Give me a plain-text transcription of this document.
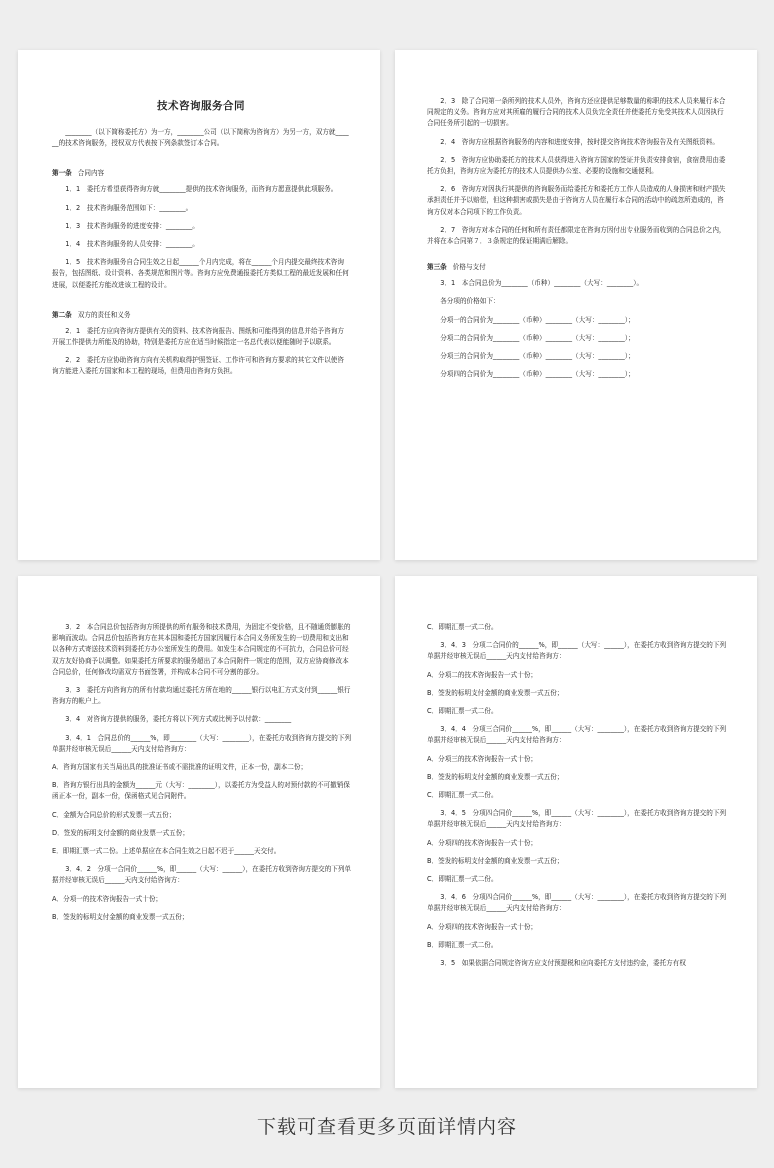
技术咨询服务合同
________（以下简称委托方）为一方，________公司（以下简称为咨询方）为另一方，双方就______的技术咨询服务，授权双方代表按下列条款签订本合同。
第一条 合同内容
1．1　委托方希望获得咨询方就________提供的技术咨询服务，而咨询方愿意提供此项服务。
1．2　技术咨询服务范围如下：________。
1．3　技术咨询服务的进度安排：________。
1．4　技术咨询服务的人员安排：________。
1．5　技术咨询服务自合同生效之日起______个月内完成，将在______个月内提交最终技术咨询报告，包括图纸、设计资料、各类规范和图片等。咨询方应免费通报委托方类似工程的最近发展和任何进展，以便委托方能改进该工程的设计。
第二条 双方的责任和义务
2．1　委托方应向咨询方提供有关的资料、技术咨询报告、图纸和可能得到的信息并给予咨询方开展工作提供力所能及的协助，特别是委托方应在适当时候指定一名总代表以便能随时予以联系。
2．2　委托方应协助咨询方向有关机构取得护照签证、工作许可和咨询方要求的其它文件以使咨询方能进入委托方国家和本工程的现场，但费用由咨询方负担。
2．3　除了合同第一条所列的技术人员外，咨询方还应提供足够数量的称职的技术人员来履行本合同规定的义务。咨询方应对其所雇的履行合同的技术人员负完全责任并使委托方免受其技术人员因执行合同任务所引起的一切损害。
2．4　咨询方应根据咨询服务的内容和进度安排，按时提交咨询技术咨询报告及有关图纸资料。
2．5　咨询方应协助委托方的技术人员获得进入咨询方国家的签证并负责安排食宿，食宿费用由委托方负担，咨询方应为委托方的技术人员提供办公室、必要的设施和交通便利。
2．6　咨询方对因执行其提供的咨询服务而给委托方和委托方工作人员造成的人身损害和财产损失承担责任并予以赔偿，但这种损害或损失是由于咨询方人员在履行本合同的活动中的疏忽所造成的，咨询方仅对本合同项下的工作负责。
2．7　咨询方对本合同的任何和所有责任都限定在咨询方因付出专业服务而收到的合同总价之内，并将在本合同第７．３条规定的保证期满后解除。
第三条 价格与支付
3．1　本合同总价为________（币种）________（大写：________）。
各分项的价格如下：
分项一的合同价为________（币种）________（大写：________）；
分项二的合同价为________（币种）________（大写：________）；
分项三的合同价为________（币种）________（大写：________）；
分项四的合同价为________（币种）________（大写：________）；
3．2　本合同总价包括咨询方所提供的所有服务和技术费用，为固定不变价格，且不随通货膨胀的影响而波动。合同总价包括咨询方在其本国和委托方国家因履行本合同义务所发生的一切费用和支出和以各种方式寄送技术资料到委托方办公室所发生的费用。如发生本合同规定的不可抗力，合同总价可经双方友好协商予以调整。如果委托方所要求的服务超出了本合同附件一规定的范围，双方应协商修改本合同总价，任何修改均需双方书面签署，并构成本合同不可分割的部分。
3．3　委托方向咨询方的所有付款均通过委托方所在地的______银行以电汇方式支付到______银行咨询方的帐户上。
3．4　对咨询方提供的服务，委托方将以下列方式或比例予以付款：________
3．4．1　合同总价的______%，即________（大写：________），在委托方收到咨询方提交的下列单据并经审核无误后______天内支付给咨询方：
A．咨询方国家有关当局出具的批准证书或不需批准的证明文件，正本一份，副本二份；
B．咨询方银行出具的金额为______元（大写：________），以委托方为受益人的对预付款的不可撤销保函正本一份，副本一份，保函格式见合同附件。
C．金额为合同总价的形式发票一式五份；
D．签发的标明支付金额的商业发票一式五份；
E．即期汇票一式二份。上述单据应在本合同生效之日起不迟于______天交付。
3．4．2　分项一合同价______%，即______（大写：______），在委托方收到咨询方提交的下列单据并经审核无误后______天内支付给咨询方：
A．分项一的技术咨询报告一式十份；
B．签发的标明支付金额的商业发票一式五份；
C．即期汇票一式二份。
3．4．3　分项二合同价的______%，即______（大写：______），在委托方收到咨询方提交的下列单据并经审核无误后______天内支付给咨询方：
A．分项二的技术咨询报告一式十份；
B．签发的标明支付金额的商业发票一式五份；
C．即期汇票一式二份。
3．4．4　分项三合同价______%，即______（大写：________），在委托方收到咨询方提交的下列单据并经审核无误后______天内支付给咨询方：
A．分项三的技术咨询报告一式十份；
B．签发的标明支付金额的商业发票一式五份；
C．即期汇票一式二份。
3．4．5　分项四合同价______%，即______（大写：________），在委托方收到咨询方提交的下列单据并经审核无误后______天内支付给咨询方：
A．分项四的技术咨询报告一式十份；
B．签发的标明支付金额的商业发票一式五份；
C．即期汇票一式二份。
3．4．6　分项四合同价______%，即______（大写：________），在委托方收到咨询方提交的下列单据并经审核无误后______天内支付给咨询方：
A．分项四的技术咨询报告一式十份；
B．即期汇票一式二份。
3．5　如果依据合同规定咨询方应支付预提税和应向委托方支付违约金，委托方有权
下载可查看更多页面详情内容
